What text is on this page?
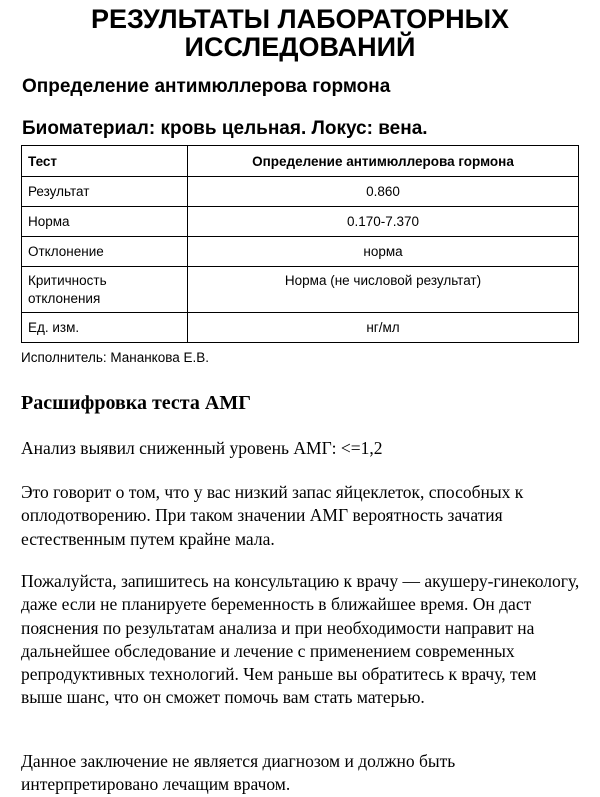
РЕЗУЛЬТАТЫ ЛАБОРАТОРНЫХ ИССЛЕДОВАНИЙ
Определение антимюллерова гормона
Биоматериал: кровь цельная. Локус: вена.
Тест	Определение антимюллерова гормона
Результат	0.860
Норма	0.170-7.370
Отклонение	норма
Критичность отклонения	Норма (не числовой результат)
Ед. изм.	нг/мл

Исполнитель: Мананкова Е.В.

Расшифровка теста АМГ

Анализ выявил сниженный уровень АМГ: <=1,2

Это говорит о том, что у вас низкий запас яйцеклеток, способных к оплодотворению. При таком значении АМГ вероятность зачатия естественным путем крайне мала.

Пожалуйста, запишитесь на консультацию к врачу — акушеру-гинекологу, даже если не планируете беременность в ближайшее время. Он даст пояснения по результатам анализа и при необходимости направит на дальнейшее обследование и лечение с применением современных репродуктивных технологий. Чем раньше вы обратитесь к врачу, тем выше шанс, что он сможет помочь вам стать матерью.

Данное заключение не является диагнозом и должно быть интерпретировано лечащим врачом.
